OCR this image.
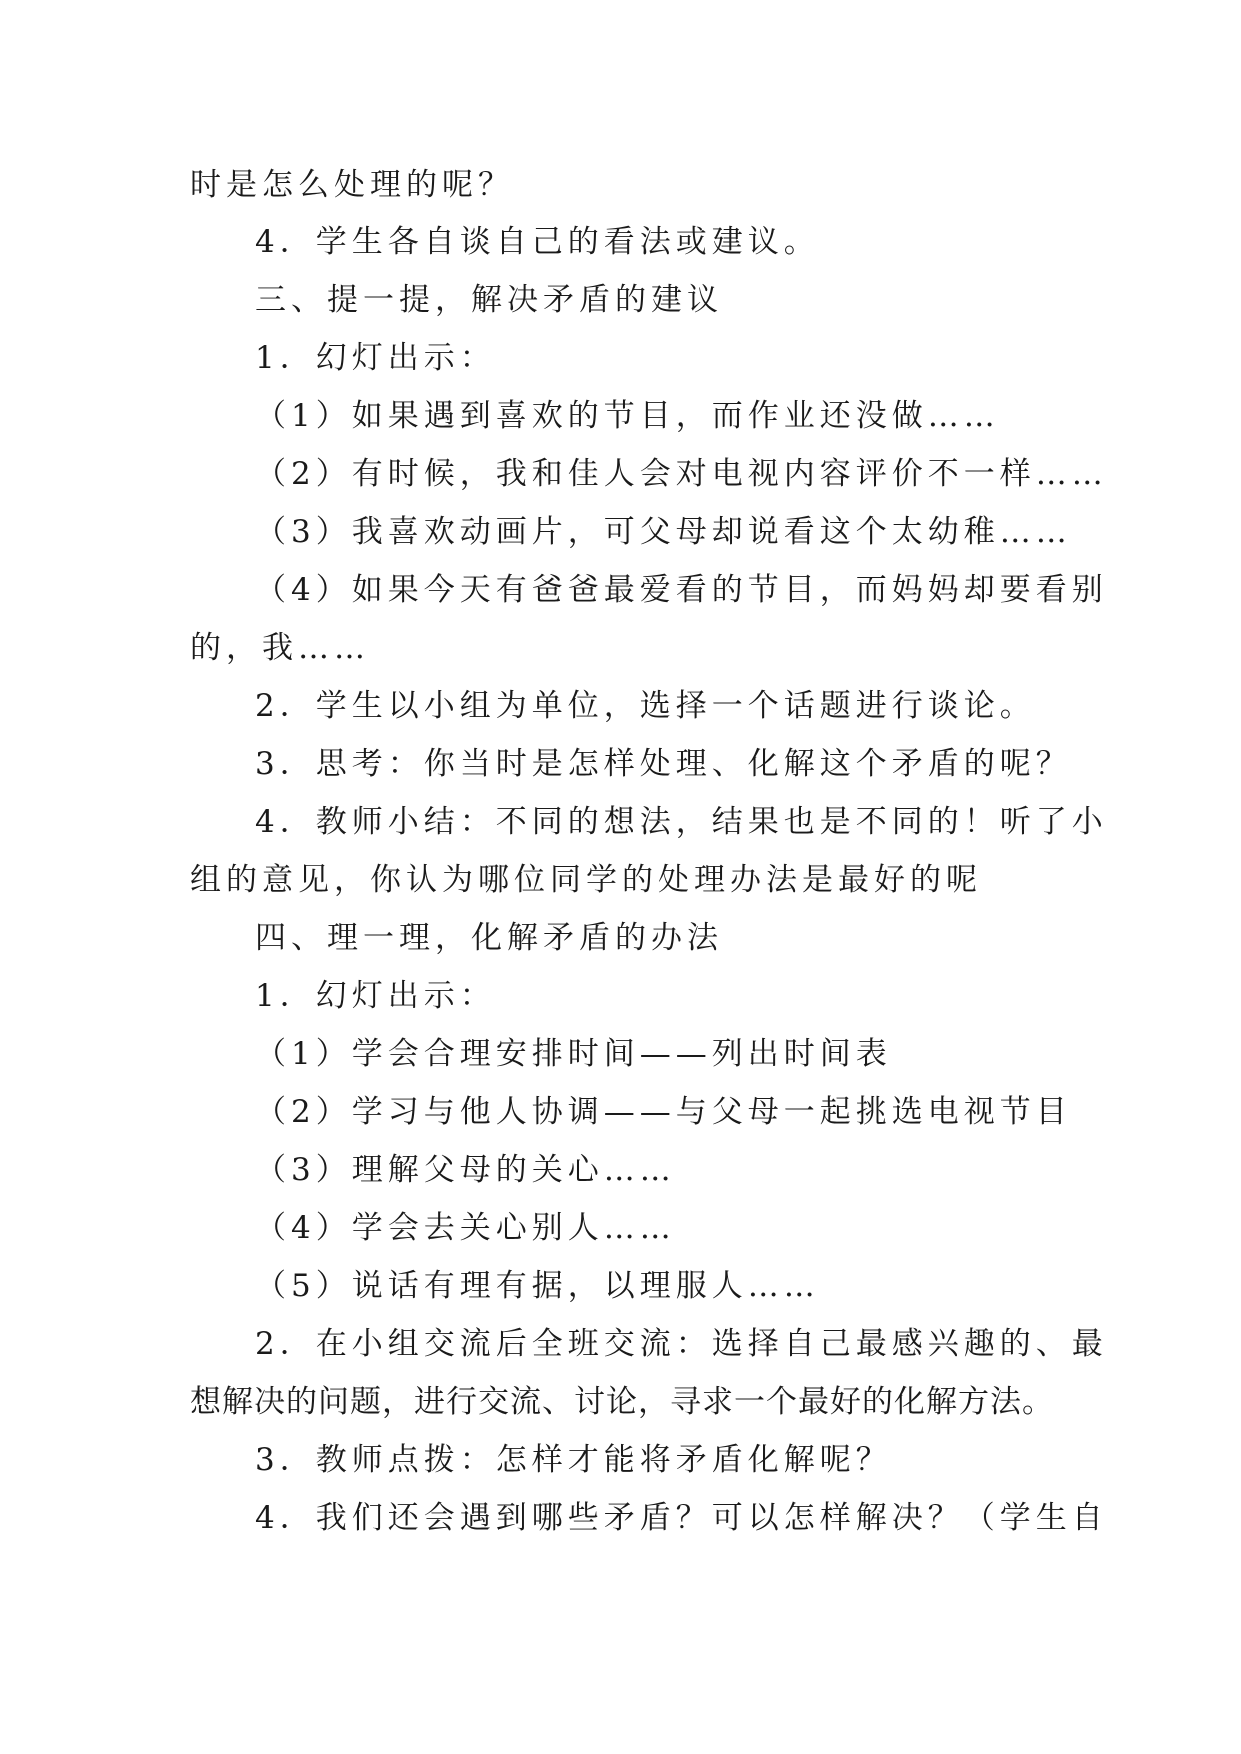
时是怎么处理的呢？
4．学生各自谈自己的看法或建议。
三、提一提，解决矛盾的建议
1．幻灯出示：
（1）如果遇到喜欢的节目，而作业还没做……
（2）有时候，我和佳人会对电视内容评价不一样……
（3）我喜欢动画片，可父母却说看这个太幼稚……
（4）如果今天有爸爸最爱看的节目，而妈妈却要看别
的，我……
2．学生以小组为单位，选择一个话题进行谈论。
3．思考：你当时是怎样处理、化解这个矛盾的呢？
4．教师小结：不同的想法，结果也是不同的！听了小
组的意见，你认为哪位同学的处理办法是最好的呢
四、理一理，化解矛盾的办法
1．幻灯出示：
（1）学会合理安排时间——列出时间表
（2）学习与他人协调——与父母一起挑选电视节目
（3）理解父母的关心……
（4）学会去关心别人……
（5）说话有理有据，以理服人……
2．在小组交流后全班交流：选择自己最感兴趣的、最
想解决的问题，进行交流、讨论，寻求一个最好的化解方法。
3．教师点拨：怎样才能将矛盾化解呢？
4．我们还会遇到哪些矛盾？可以怎样解决？（学生自
